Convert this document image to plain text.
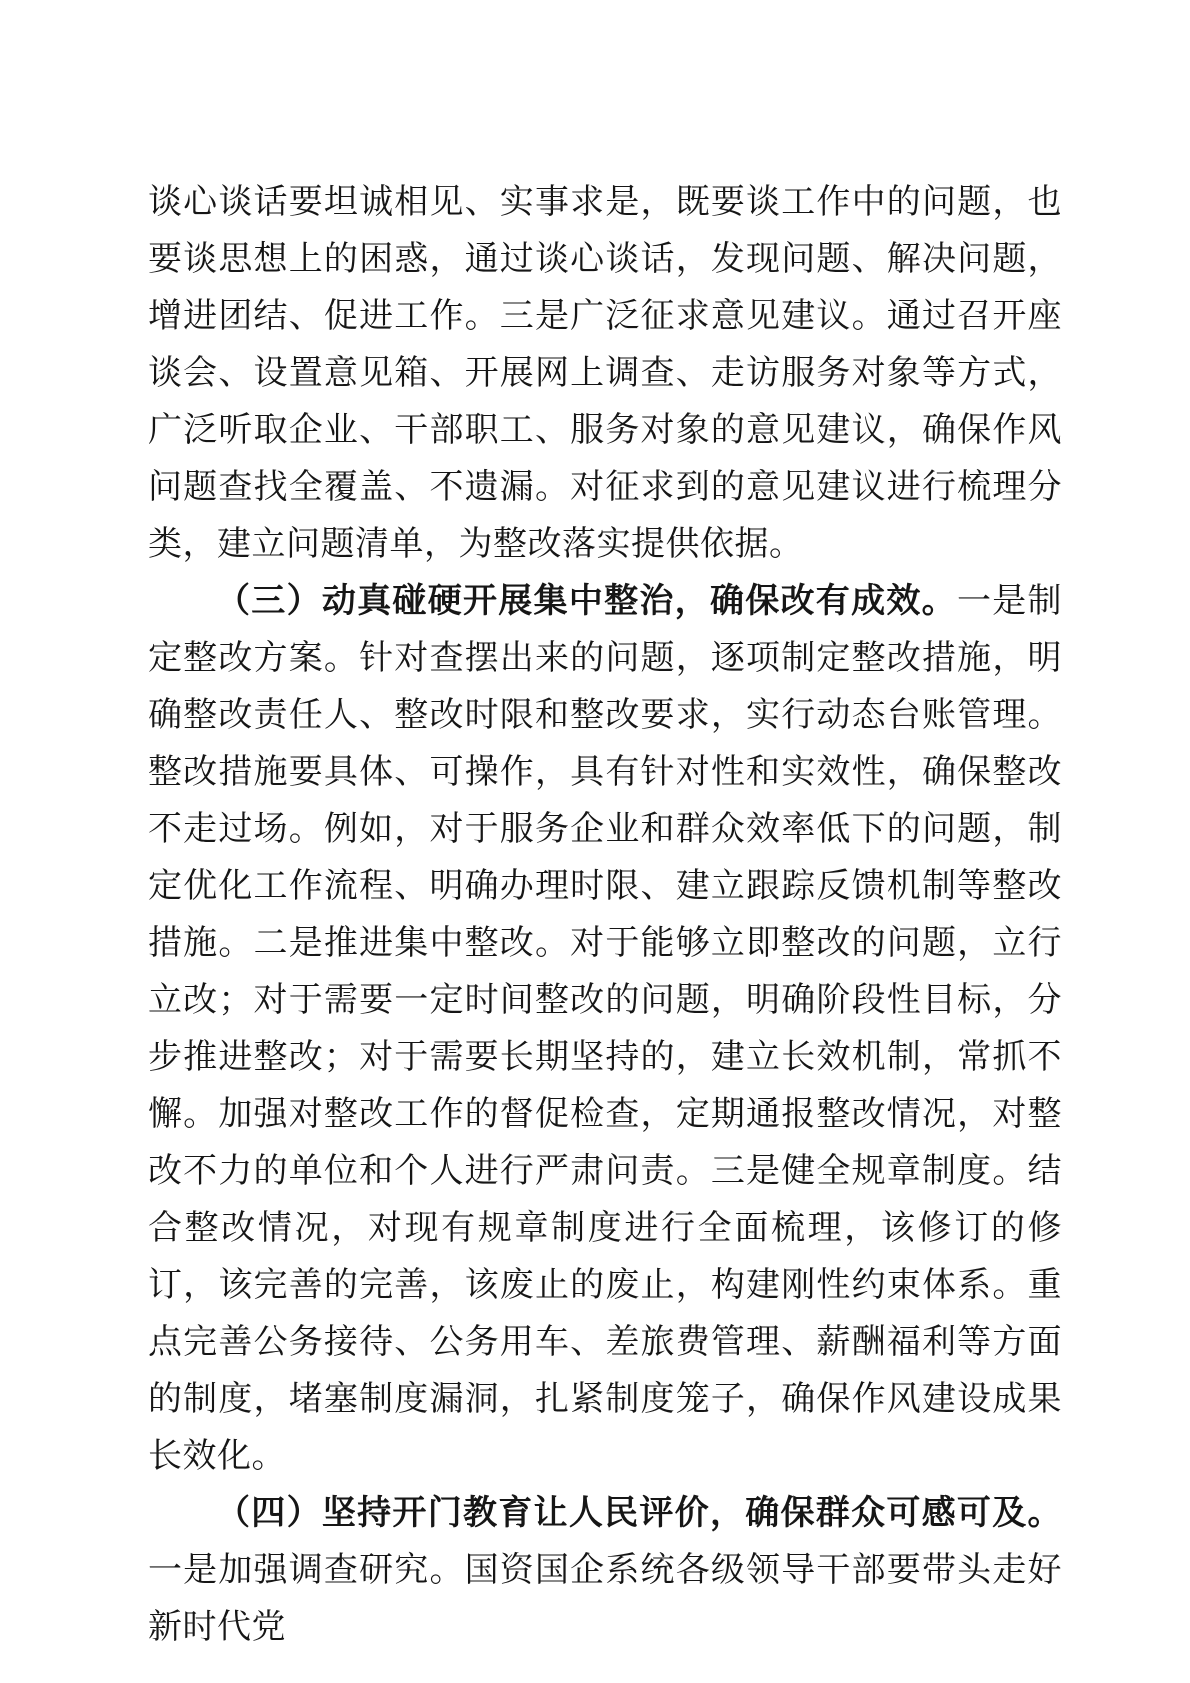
谈心谈话要坦诚相见、实事求是，既要谈工作中的问题，也要谈思想上的困惑，通过谈心谈话，发现问题、解决问题，增进团结、促进工作。三是广泛征求意见建议。通过召开座谈会、设置意见箱、开展网上调查、走访服务对象等方式，广泛听取企业、干部职工、服务对象的意见建议，确保作风问题查找全覆盖、不遗漏。对征求到的意见建议进行梳理分类，建立问题清单，为整改落实提供依据。

（三）动真碰硬开展集中整治，确保改有成效。一是制定整改方案。针对查摆出来的问题，逐项制定整改措施，明确整改责任人、整改时限和整改要求，实行动态台账管理。整改措施要具体、可操作，具有针对性和实效性，确保整改不走过场。例如，对于服务企业和群众效率低下的问题，制定优化工作流程、明确办理时限、建立跟踪反馈机制等整改措施。二是推进集中整改。对于能够立即整改的问题，立行立改；对于需要一定时间整改的问题，明确阶段性目标，分步推进整改；对于需要长期坚持的，建立长效机制，常抓不懈。加强对整改工作的督促检查，定期通报整改情况，对整改不力的单位和个人进行严肃问责。三是健全规章制度。结合整改情况，对现有规章制度进行全面梳理，该修订的修订，该完善的完善，该废止的废止，构建刚性约束体系。重点完善公务接待、公务用车、差旅费管理、薪酬福利等方面的制度，堵塞制度漏洞，扎紧制度笼子，确保作风建设成果长效化。

（四）坚持开门教育让人民评价，确保群众可感可及。一是加强调查研究。国资国企系统各级领导干部要带头走好新时代党
